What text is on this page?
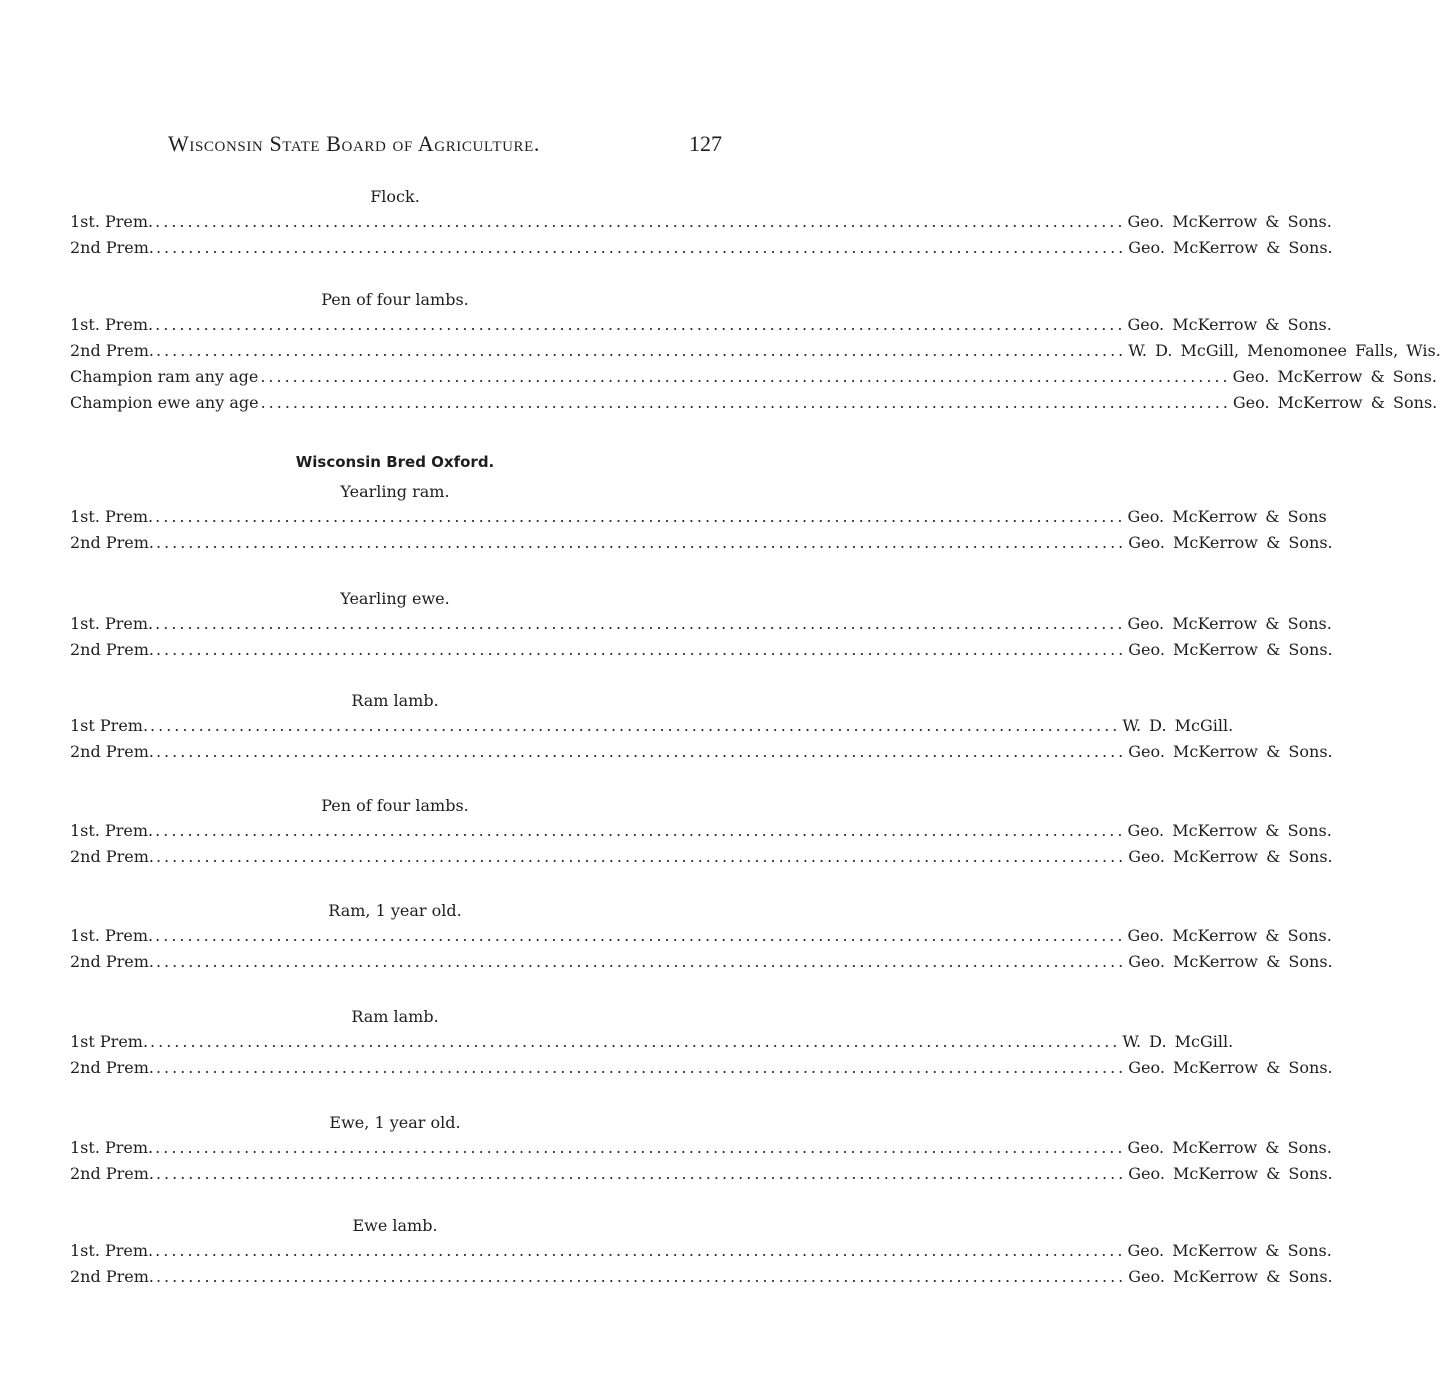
Wisconsin State Board of Agriculture.	127
Flock.
1st. Prem. ........................................................................................................................ Geo. McKerrow & Sons.
2nd Prem. ........................................................................................................................ Geo. McKerrow & Sons.
Pen of four lambs.
1st. Prem. ........................................................................................................................ Geo. McKerrow & Sons.
2nd Prem. ........................................................................................................................ W. D. McGill, Menomonee Falls, Wis.
Champion ram any age ........................................................................................................................ Geo. McKerrow & Sons.
Champion ewe any age ........................................................................................................................ Geo. McKerrow & Sons.
Wisconsin Bred Oxford.
Yearling ram.
1st. Prem. ........................................................................................................................ Geo. McKerrow & Sons
2nd Prem. ........................................................................................................................ Geo. McKerrow & Sons.
Yearling ewe.
1st. Prem. ........................................................................................................................ Geo. McKerrow & Sons.
2nd Prem. ........................................................................................................................ Geo. McKerrow & Sons.
Ram lamb.
1st Prem. ........................................................................................................................ W. D. McGill.
2nd Prem. ........................................................................................................................ Geo. McKerrow & Sons.
Pen of four lambs.
1st. Prem. ........................................................................................................................ Geo. McKerrow & Sons.
2nd Prem. ........................................................................................................................ Geo. McKerrow & Sons.
Ram, 1 year old.
1st. Prem. ........................................................................................................................ Geo. McKerrow & Sons.
2nd Prem. ........................................................................................................................ Geo. McKerrow & Sons.
Ram lamb.
1st Prem. ........................................................................................................................ W. D. McGill.
2nd Prem. ........................................................................................................................ Geo. McKerrow & Sons.
Ewe, 1 year old.
1st. Prem. ........................................................................................................................ Geo. McKerrow & Sons.
2nd Prem. ........................................................................................................................ Geo. McKerrow & Sons.
Ewe lamb.
1st. Prem. ........................................................................................................................ Geo. McKerrow & Sons.
2nd Prem. ........................................................................................................................ Geo. McKerrow & Sons.
